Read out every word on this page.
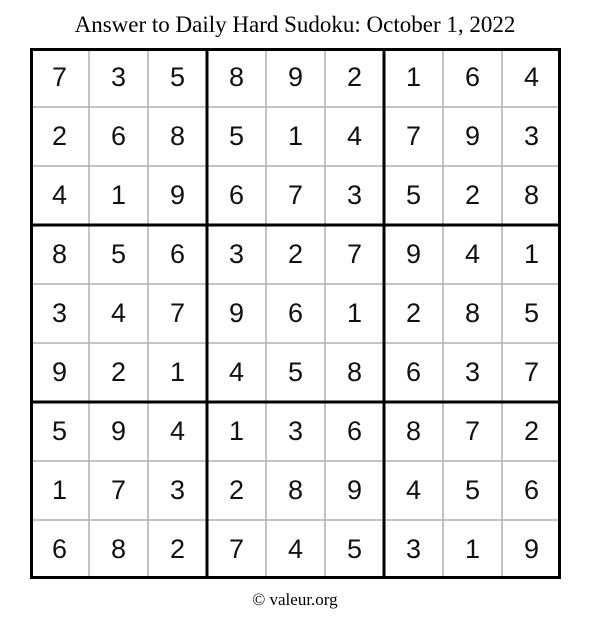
Answer to Daily Hard Sudoku: October 1, 2022
7	3	5	8	9	2	1	6	4
2	6	8	5	1	4	7	9	3
4	1	9	6	7	3	5	2	8
8	5	6	3	2	7	9	4	1
3	4	7	9	6	1	2	8	5
9	2	1	4	5	8	6	3	7
5	9	4	1	3	6	8	7	2
1	7	3	2	8	9	4	5	6
6	8	2	7	4	5	3	1	9
© valeur.org
